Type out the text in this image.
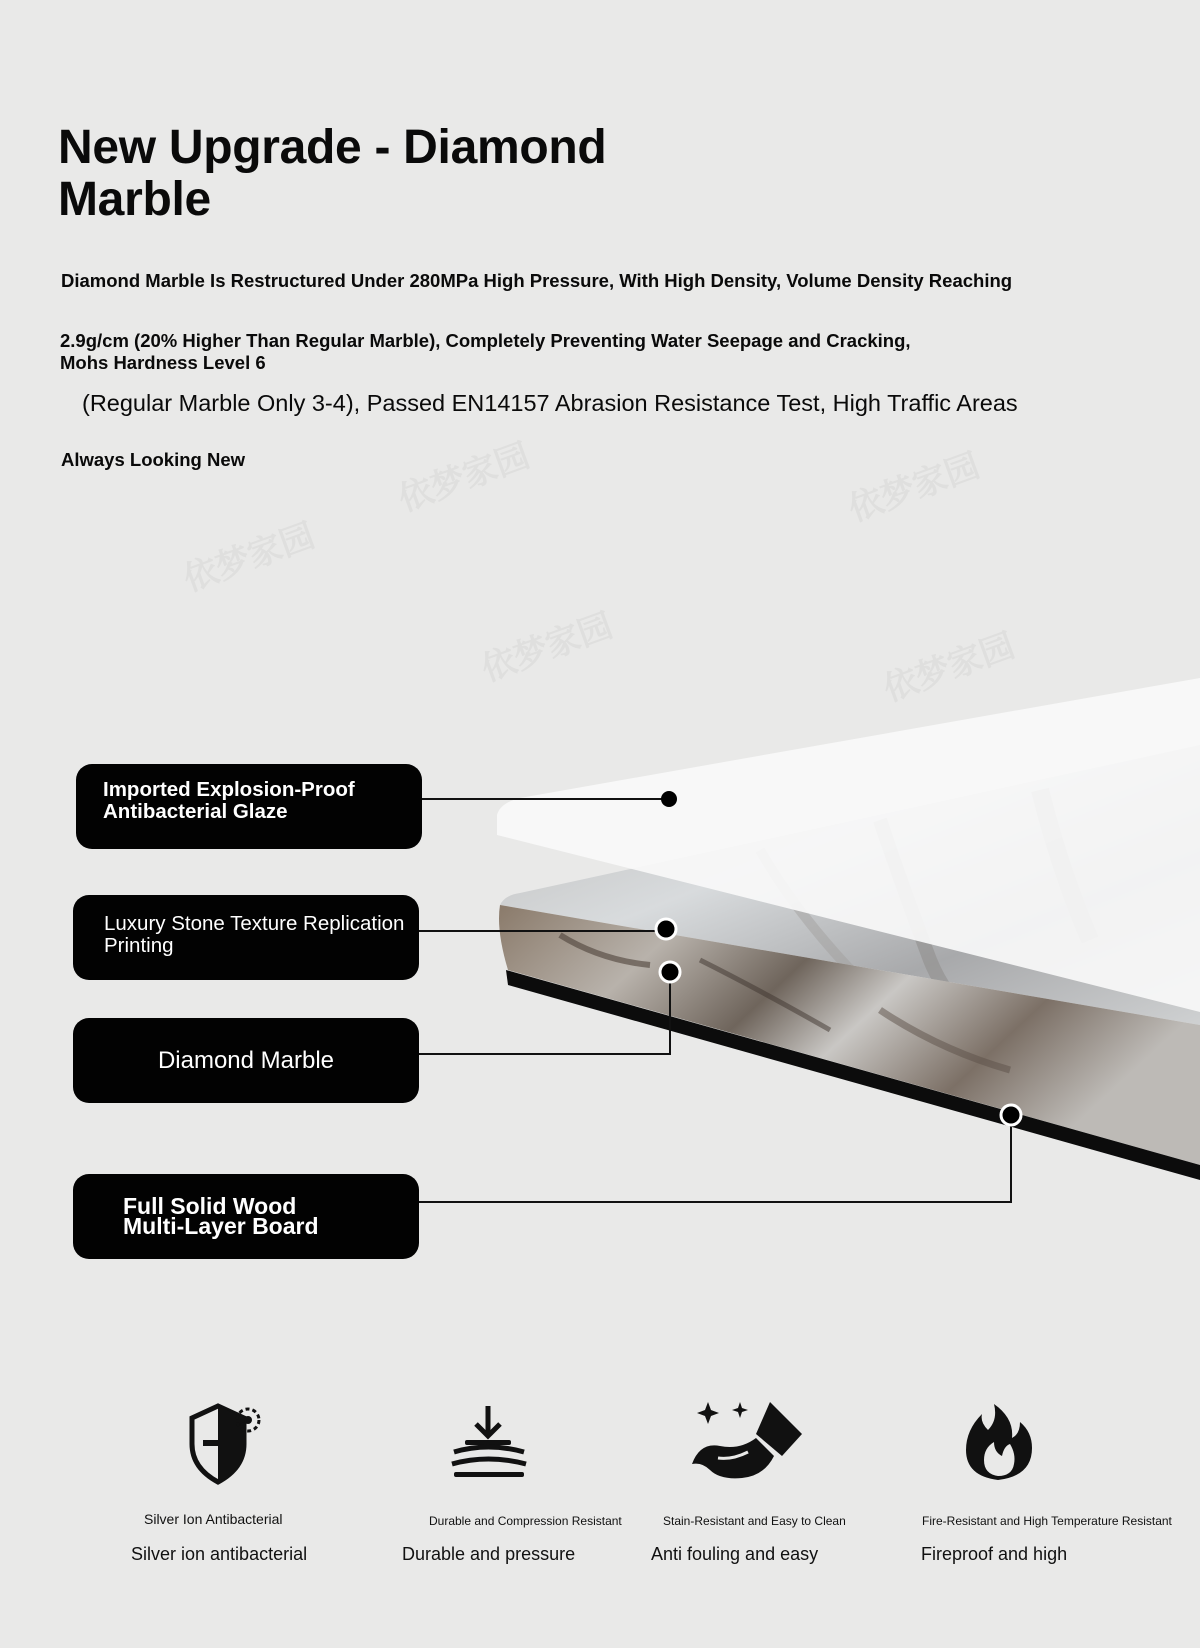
依梦家园	依梦家园
依梦家园
依梦家园	依梦家园
New Upgrade - Diamond Marble
Diamond Marble Is Restructured Under 280MPa High Pressure, With High Density, Volume Density Reaching
2.9g/cm (20% Higher Than Regular Marble), Completely Preventing Water Seepage and Cracking, Mohs Hardness Level 6
(Regular Marble Only 3-4), Passed EN14157 Abrasion Resistance Test, High Traffic Areas
Always Looking New
Imported Explosion-Proof Antibacterial Glaze
Luxury Stone Texture Replication Printing
Diamond Marble
Full Solid Wood Multi-Layer Board
Silver Ion Antibacterial
Silver ion antibacterial
Durable and Compression Resistant
Durable and pressure
Stain-Resistant and Easy to Clean
Anti fouling and easy
Fire-Resistant and High Temperature Resistant
Fireproof and high
